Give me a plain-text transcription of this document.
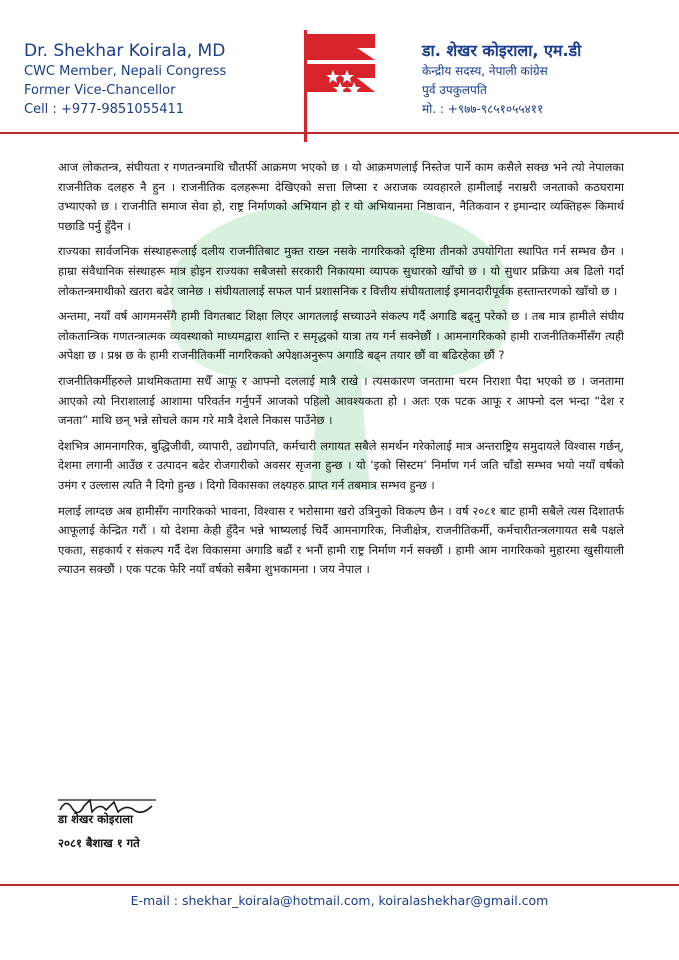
Dr. Shekhar Koirala, MD
CWC Member, Nepali Congress
Former Vice-Chancellor
Cell : +977-9851055411
डा. शेखर कोइराला, एम.डी
केन्द्रीय सदस्य, नेपाली कांग्रेस
पुर्व उपकुलपति
मो. : +९७७-९८५१०५५४११

आज लोकतन्त्र, संघीयता र गणतन्त्रमाथि चौतर्फी आक्रमण भएको छ । यो आक्रमणलाई निस्तेज पार्ने काम कसैले सक्छ भने त्यो नेपालका राजनीतिक दलहरु नै हुन । राजनीतिक दलहरूमा देखिएको सत्ता लिप्सा र अराजक व्यवहारले हामीलाई नराम्ररी जनताको कठघरामा उभ्याएको छ । राजनीति समाज सेवा हो, राष्ट्र निर्माणको अभियान हो र यो अभियानमा निष्ठावान, नैतिकवान र इमान्दार व्यक्तिहरू किमार्थ पछाडि पर्नु हुँदैन ।

राज्यका सार्वजनिक संस्थाहरूलाई दलीय राजनीतिबाट मुक्त राख्न नसके नागरिकको दृष्टिमा तीनको उपयोगिता स्थापित गर्न सम्भव छैन । हाम्रा संवैधानिक संस्थाहरू मात्र होइन राज्यका सबैजसो सरकारी निकायमा व्यापक सुधारको खाँचो छ । यो सुधार प्रक्रिया अब ढिलो गर्दा लोकतन्त्रमाथीको खतरा बढेर जानेछ । संघीयतालाई सफल पार्न प्रशासनिक र वित्तीय संघीयतालाई इमानदारीपूर्वक हस्तान्तरणको खाँचो छ ।

अन्तमा, नयाँ वर्ष आगमनसँगै हामी विगतबाट शिक्षा लिएर आगतलाई सच्याउने संकल्प गर्दै अगाडि बढ्नु परेको छ । तब मात्र हामीले संघीय लोकतान्त्रिक गणतन्त्रात्मक व्यवस्थाको माध्यमद्वारा शान्ति र समृद्धको यात्रा तय गर्न सक्नेछौं । आमनागरिकको हामी राजनीतिकर्मीसँग त्यही अपेक्षा छ । प्रश्न छ के हामी राजनीतिकर्मी नागरिकको अपेक्षाअनुरूप अगाडि बढ्न तयार छौं वा बढिरहेका छौं ?

राजनीतिकर्मीहरुले प्राथमिकतामा सधैँ आफू र आफ्नो दललाई मात्रै राखे । त्यसकारण जनतामा चरम निराशा पैदा भएको छ । जनतामा आएको त्यो निराशालाई आशामा परिवर्तन गर्नुपर्ने आजको पहिलो आवश्यकता हो । अतः एक पटक आफू र आफ्नो दल भन्दा “देश र जनता” माथि छन् भन्ने सोचले काम गरे मात्रै देशले निकास पाउँनेछ ।

देशभित्र आमनागरिक, बुद्धिजीवी, व्यापारी, उद्योगपति, कर्मचारी लगायत सबैले समर्थन गरेकोलाई मात्र अन्तराष्ट्रिय समुदायले विश्वास गर्छन्, देशमा लगानी आउँछ र उत्पादन बढेर रोजगारीको अवसर सृजना हुन्छ । यो ‘इको सिस्टम’ निर्माण गर्न जति चाँडो सम्भव भयो नयाँ वर्षको उमंग र उल्लास त्यति नै दिगो हुन्छ । दिगो विकासका लक्ष्यहरु प्राप्त गर्न तबमात्र सम्भव हुन्छ ।

मलाई लाग्दछ अब हामीसँग नागरिकको भावना, विश्वास र भरोसामा खरो उत्रिनुको विकल्प छैन । वर्ष २०८१ बाट हामी सबैले त्यस दिशातर्फ आफूलाई केन्द्रित गरौं । यो देशमा केही हुँदैन भन्ने भाष्यलाई चिर्दै आमनागरिक, निजीक्षेत्र, राजनीतिकर्मी, कर्मचारीतन्त्रलगायत सबै पक्षले एकता, सहकार्य र संकल्प गर्दै देश विकासमा अगाडि बढौं र भनौं हामी राष्ट्र निर्माण गर्न सक्छौं । हामी आम नागरिकको मुहारमा खुसीयाली ल्याउन सक्छौं । एक पटक फेरि नयाँ वर्षको सबैमा शुभकामना । जय नेपाल ।

डा शेखर कोइराला
२०८१ बैशाख १ गते
E-mail : shekhar_koirala@hotmail.com, koiralashekhar@gmail.com
